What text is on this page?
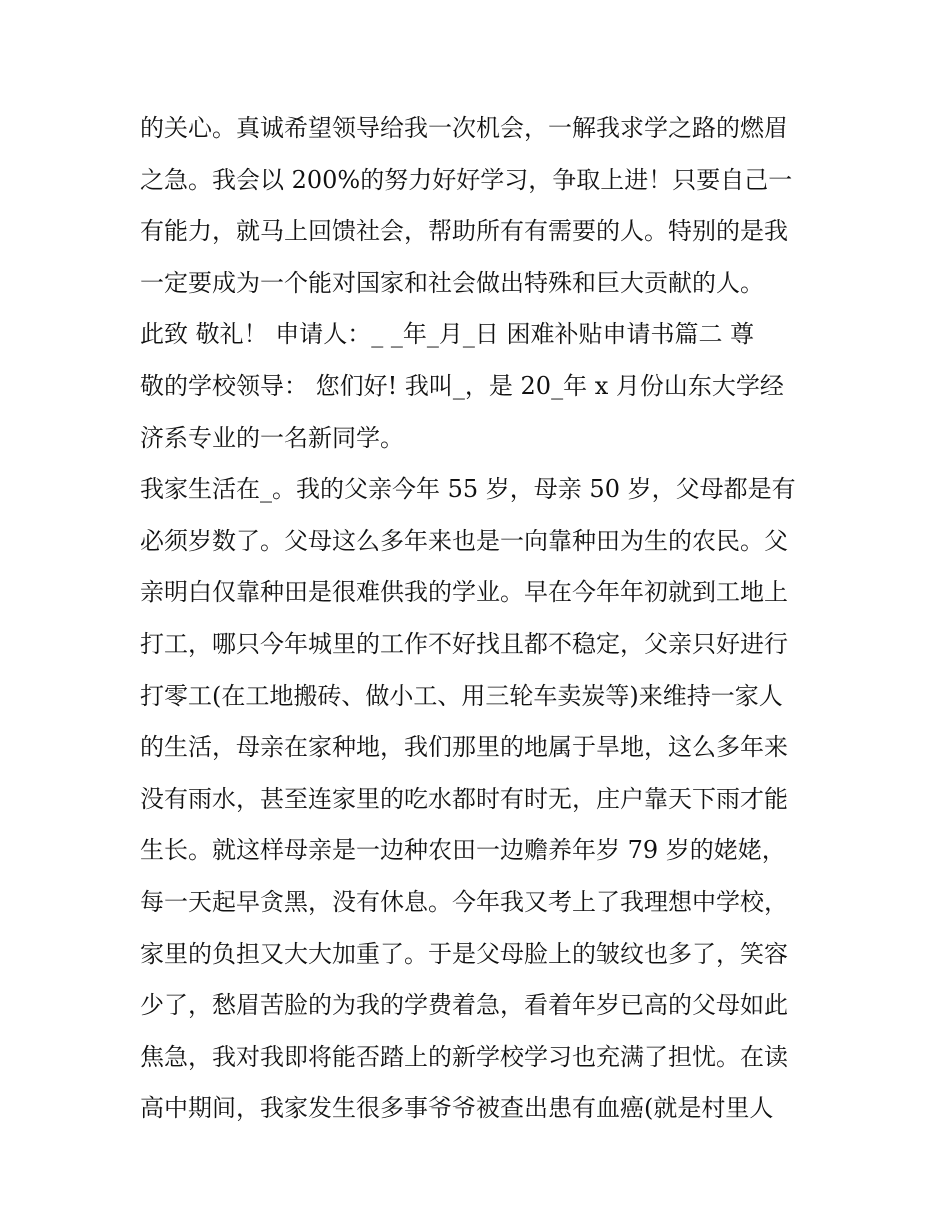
的关心。真诚希望领导给我一次机会，一解我求学之路的燃眉
之急。我会以 200%的努力好好学习，争取上进！只要自己一
有能力，就马上回馈社会，帮助所有有需要的人。特别的是我
一定要成为一个能对国家和社会做出特殊和巨大贡献的人。
此致 敬礼！ 申请人：_ _年_月_日 困难补贴申请书篇二 尊
敬的学校领导： 您们好! 我叫_，是 20_年 x 月份山东大学经
济系专业的一名新同学。
我家生活在_。我的父亲今年 55 岁，母亲 50 岁，父母都是有
必须岁数了。父母这么多年来也是一向靠种田为生的农民。父
亲明白仅靠种田是很难供我的学业。早在今年年初就到工地上
打工，哪只今年城里的工作不好找且都不稳定，父亲只好进行
打零工(在工地搬砖、做小工、用三轮车卖炭等)来维持一家人
的生活，母亲在家种地，我们那里的地属于旱地，这么多年来
没有雨水，甚至连家里的吃水都时有时无，庄户靠天下雨才能
生长。就这样母亲是一边种农田一边赡养年岁 79 岁的姥姥，
每一天起早贪黑，没有休息。今年我又考上了我理想中学校，
家里的负担又大大加重了。于是父母脸上的皱纹也多了，笑容
少了，愁眉苦脸的为我的学费着急，看着年岁已高的父母如此
焦急，我对我即将能否踏上的新学校学习也充满了担忧。在读
高中期间，我家发生很多事爷爷被查出患有血癌(就是村里人
